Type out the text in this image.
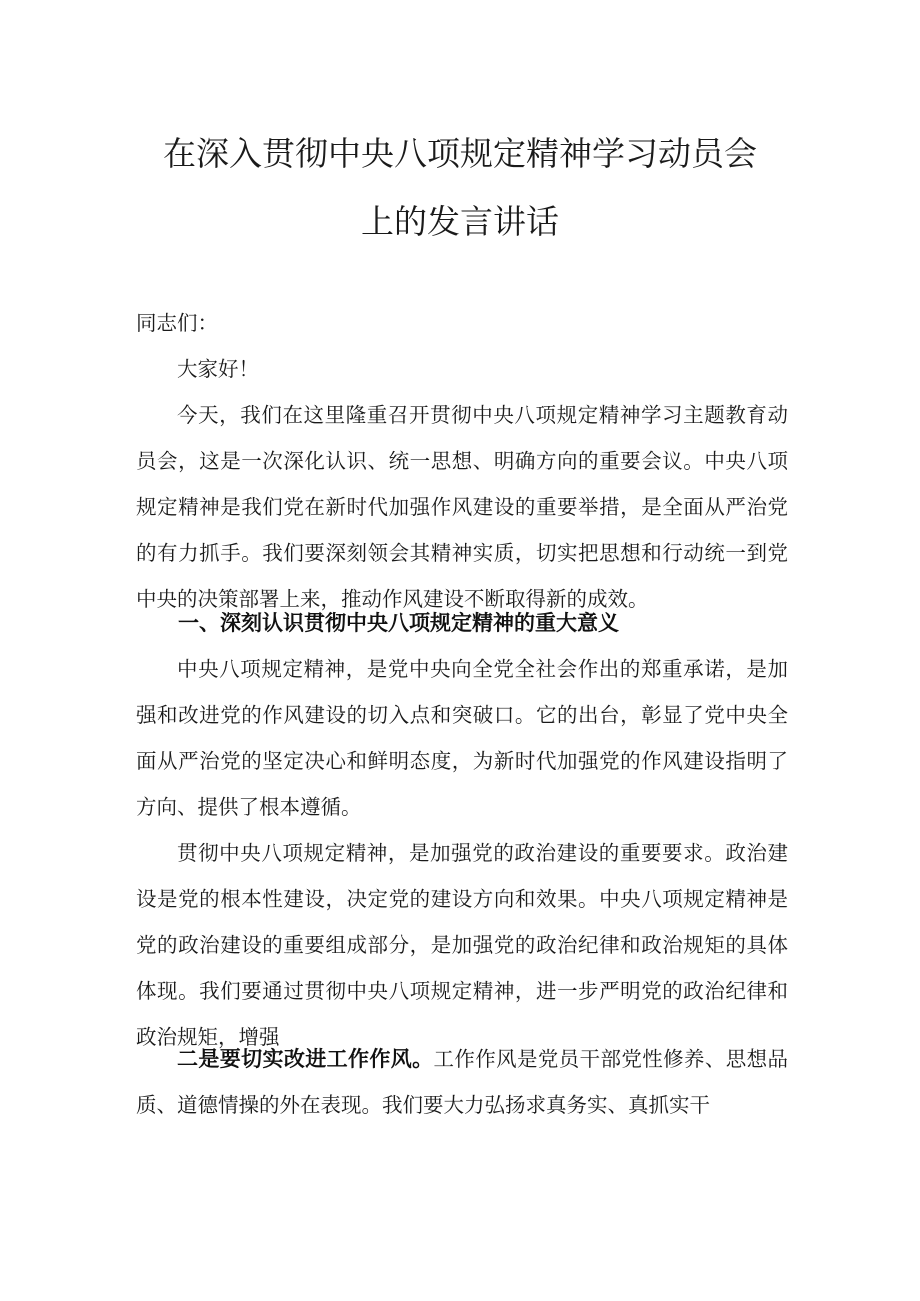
在深入贯彻中央八项规定精神学习动员会
上的发言讲话

同志们：

大家好！

今天，我们在这里隆重召开贯彻中央八项规定精神学习主题教育动员会，这是一次深化认识、统一思想、明确方向的重要会议。中央八项规定精神是我们党在新时代加强作风建设的重要举措，是全面从严治党的有力抓手。我们要深刻领会其精神实质，切实把思想和行动统一到党中央的决策部署上来，推动作风建设不断取得新的成效。

一、深刻认识贯彻中央八项规定精神的重大意义

中央八项规定精神，是党中央向全党全社会作出的郑重承诺，是加强和改进党的作风建设的切入点和突破口。它的出台，彰显了党中央全面从严治党的坚定决心和鲜明态度，为新时代加强党的作风建设指明了方向、提供了根本遵循。

贯彻中央八项规定精神，是加强党的政治建设的重要要求。政治建设是党的根本性建设，决定党的建设方向和效果。中央八项规定精神是党的政治建设的重要组成部分，是加强党的政治纪律和政治规矩的具体体现。我们要通过贯彻中央八项规定精神，进一步严明党的政治纪律和政治规矩，增强

二是要切实改进工作作风。工作作风是党员干部党性修养、思想品质、道德情操的外在表现。我们要大力弘扬求真务实、真抓实干
